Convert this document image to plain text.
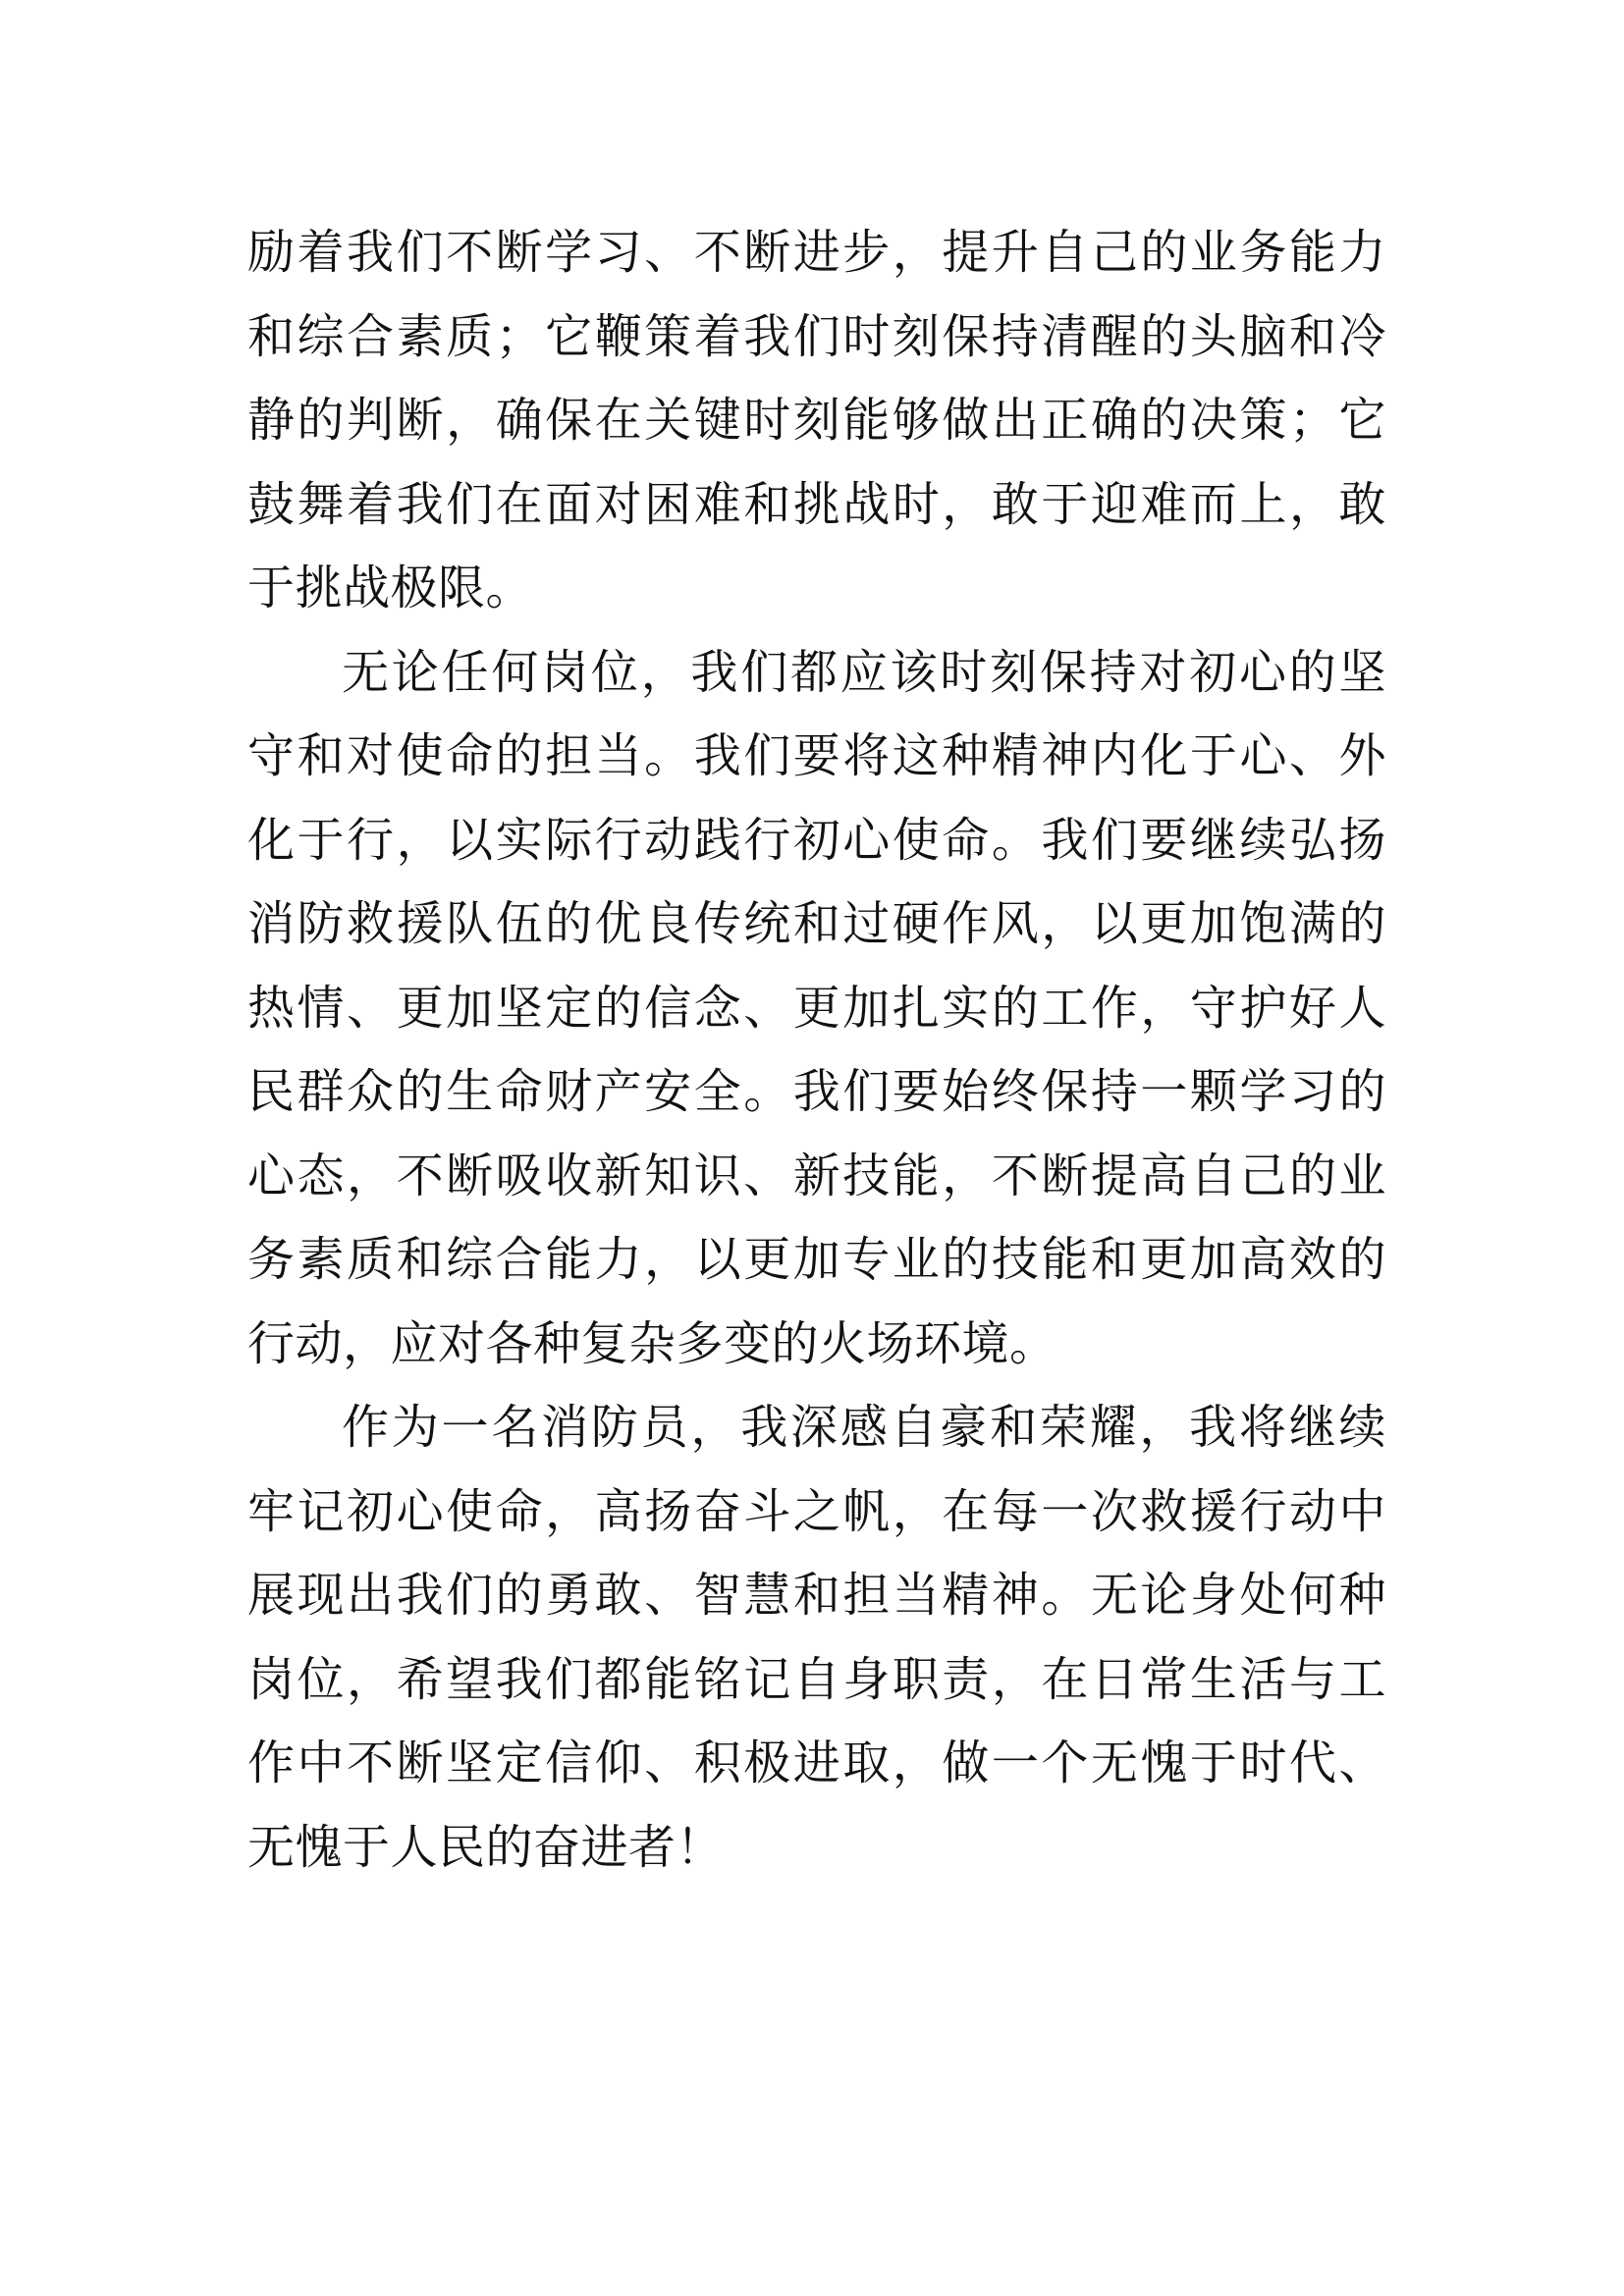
励着我们不断学习、不断进步，提升自己的业务能力和综合素质；它鞭策着我们时刻保持清醒的头脑和冷静的判断，确保在关键时刻能够做出正确的决策；它鼓舞着我们在面对困难和挑战时，敢于迎难而上，敢于挑战极限。

无论任何岗位，我们都应该时刻保持对初心的坚守和对使命的担当。我们要将这种精神内化于心、外化于行，以实际行动践行初心使命。我们要继续弘扬消防救援队伍的优良传统和过硬作风，以更加饱满的热情、更加坚定的信念、更加扎实的工作，守护好人民群众的生命财产安全。我们要始终保持一颗学习的心态，不断吸收新知识、新技能，不断提高自己的业务素质和综合能力，以更加专业的技能和更加高效的行动，应对各种复杂多变的火场环境。

作为一名消防员，我深感自豪和荣耀，我将继续牢记初心使命，高扬奋斗之帆，在每一次救援行动中展现出我们的勇敢、智慧和担当精神。无论身处何种岗位，希望我们都能铭记自身职责，在日常生活与工作中不断坚定信仰、积极进取，做一个无愧于时代、无愧于人民的奋进者！
